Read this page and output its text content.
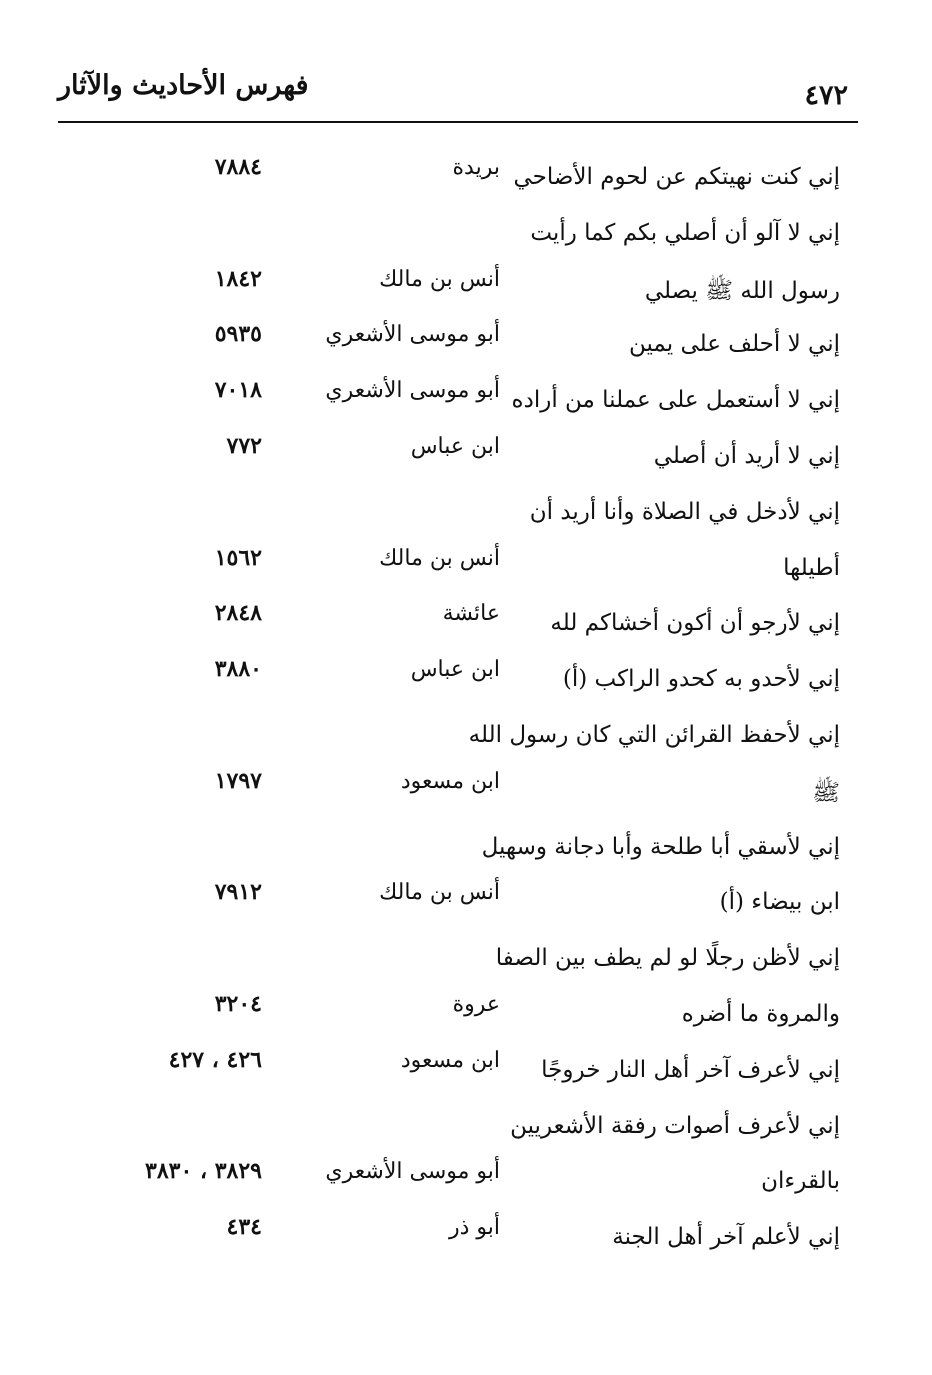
٤٧٢
فهرس الأحاديث والآثار
إني كنت نهيتكم عن لحوم الأضاحي
بريدة
٧٨٨٤
إني لا آلو أن أصلي بكم كما رأيت
رسول الله ﷺ يصلي
أنس بن مالك
١٨٤٢
إني لا أحلف على يمين
أبو موسى الأشعري
٥٩٣٥
إني لا أستعمل على عملنا من أراده
أبو موسى الأشعري
٧٠١٨
إني لا أريد أن أصلي
ابن عباس
٧٧٢
إني لأدخل في الصلاة وأنا أريد أن
أطيلها
أنس بن مالك
١٥٦٢
إني لأرجو أن أكون أخشاكم لله
عائشة
٢٨٤٨
إني لأحدو به كحدو الراكب (أ)
ابن عباس
٣٨٨٠
إني لأحفظ القرائن التي كان رسول الله
ﷺ
ابن مسعود
١٧٩٧
إني لأسقي أبا طلحة وأبا دجانة وسهيل
ابن بيضاء (أ)
أنس بن مالك
٧٩١٢
إني لأظن رجلًا لو لم يطف بين الصفا
والمروة ما أضره
عروة
٣٢٠٤
إني لأعرف آخر أهل النار خروجًا
ابن مسعود
٤٢٦ ، ٤٢٧
إني لأعرف أصوات رفقة الأشعريين
بالقرءان
أبو موسى الأشعري
٣٨٢٩ ، ٣٨٣٠
إني لأعلم آخر أهل الجنة
أبو ذر
٤٣٤
